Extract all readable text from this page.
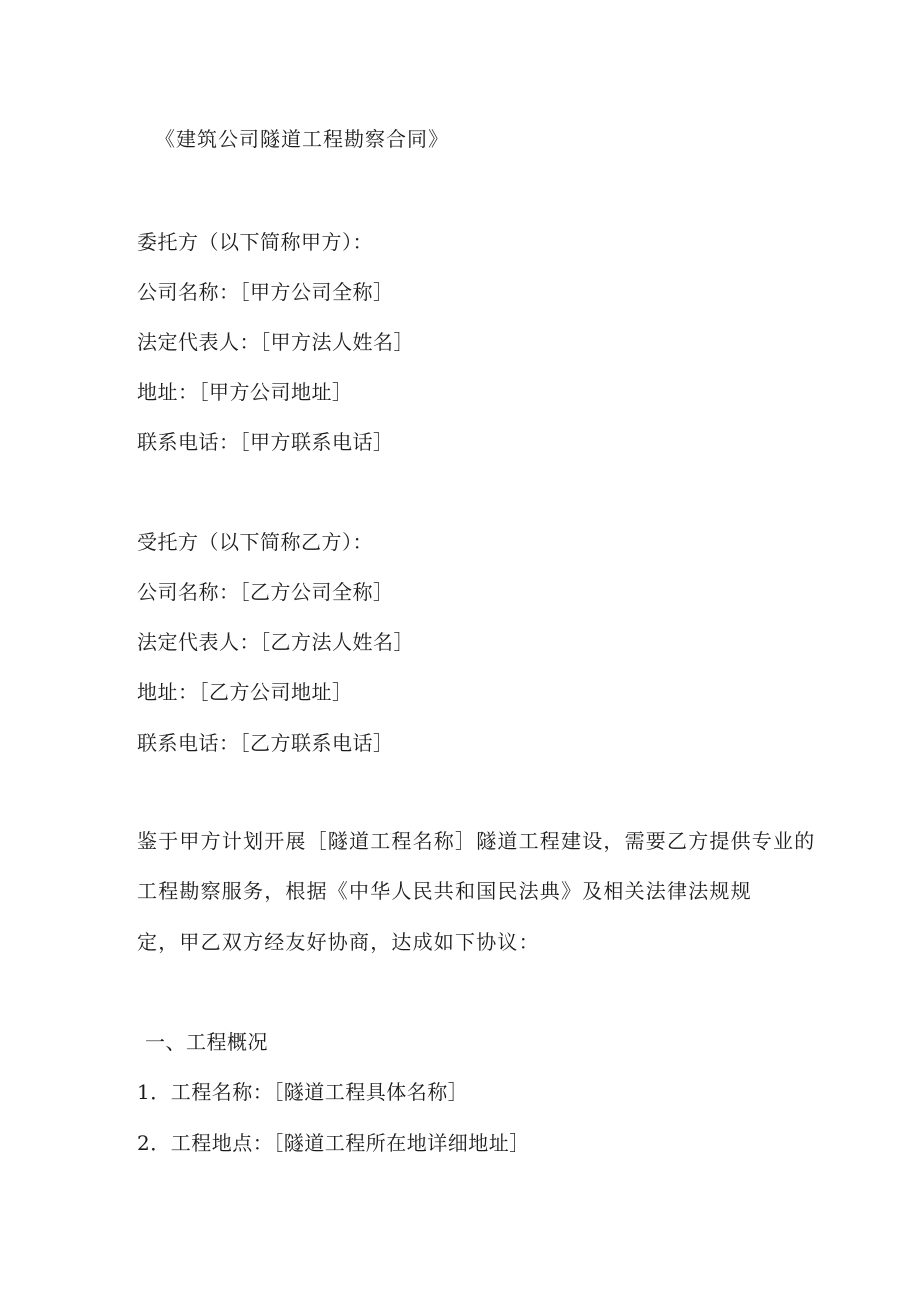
《建筑公司隧道工程勘察合同》
委托方（以下简称甲方）：
公司名称：［甲方公司全称］
法定代表人：［甲方法人姓名］
地址：［甲方公司地址］
联系电话：［甲方联系电话］
受托方（以下简称乙方）：
公司名称：［乙方公司全称］
法定代表人：［乙方法人姓名］
地址：［乙方公司地址］
联系电话：［乙方联系电话］
鉴于甲方计划开展［隧道工程名称］隧道工程建设，需要乙方提供专业的
工程勘察服务，根据《中华人民共和国民法典》及相关法律法规规
定，甲乙双方经友好协商，达成如下协议：
一、工程概况
1．工程名称：［隧道工程具体名称］
2．工程地点：［隧道工程所在地详细地址］
